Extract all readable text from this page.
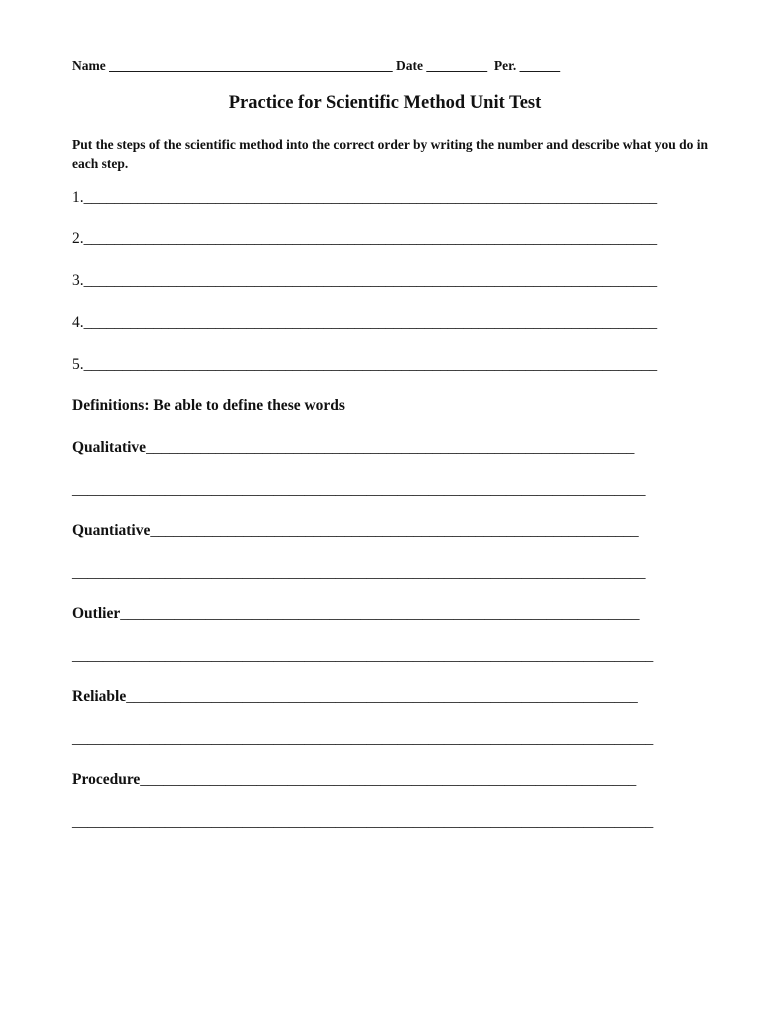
Name __________________________________________ Date _________ Per. ______
Practice for Scientific Method Unit Test
Put the steps of the scientific method into the correct order by writing the number and describe what you do in each step.
1.__________________________________________________________________________
2.__________________________________________________________________________
3.__________________________________________________________________________
4.__________________________________________________________________________
5.__________________________________________________________________________
Definitions: Be able to define these words
Qualitative_______________________________________________________________
__________________________________________________________________________
Quantiative_______________________________________________________________
__________________________________________________________________________
Outlier___________________________________________________________________
___________________________________________________________________________
Reliable__________________________________________________________________
___________________________________________________________________________
Procedure________________________________________________________________
___________________________________________________________________________
